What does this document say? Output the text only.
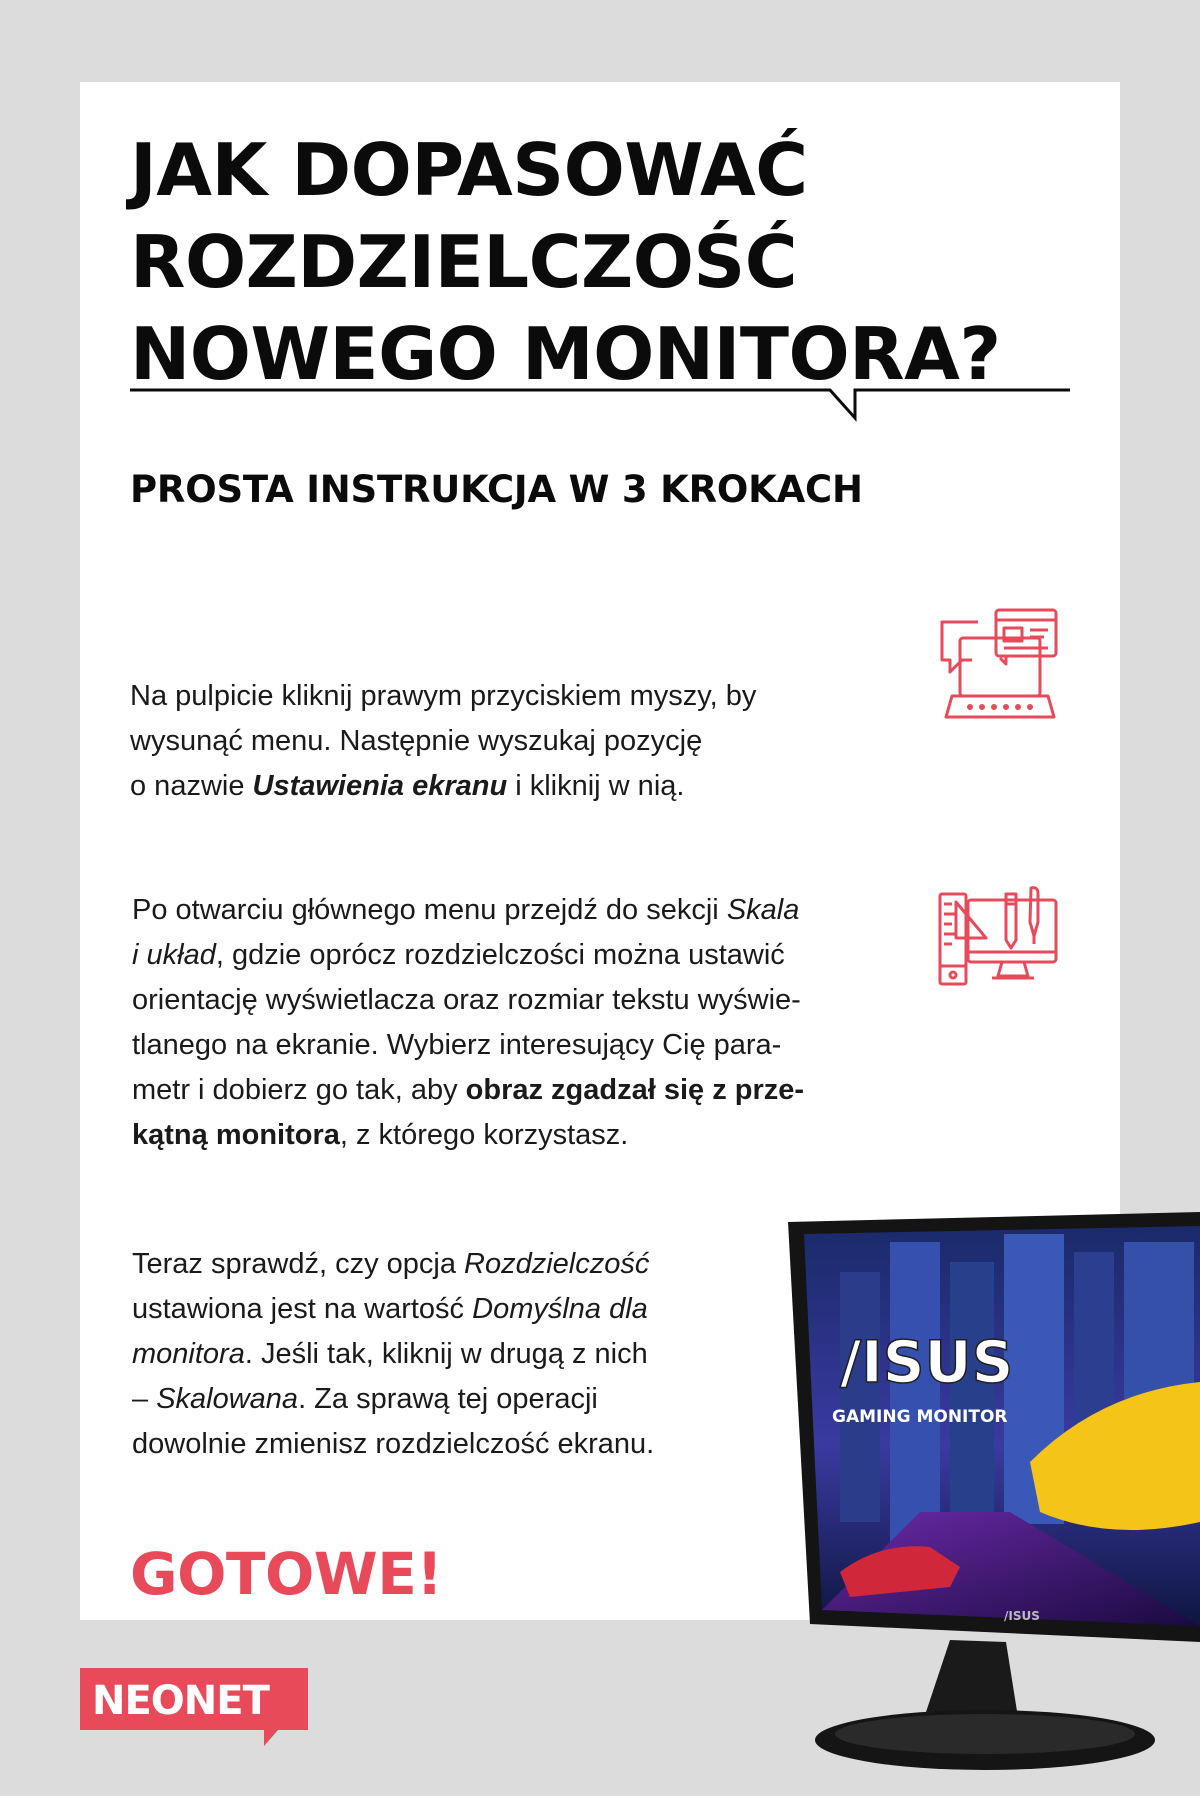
JAK DOPASOWAĆ
ROZDZIELCZOŚĆ
NOWEGO MONITORA?
PROSTA INSTRUKCJA W 3 KROKACH
Na pulpicie kliknij prawym przyciskiem myszy, by
wysunąć menu. Następnie wyszukaj pozycję
o nazwie Ustawienia ekranu i kliknij w nią.
Po otwarciu głównego menu przejdź do sekcji Skala
i układ, gdzie oprócz rozdzielczości można ustawić
orientację wyświetlacza oraz rozmiar tekstu wyświe-
tlanego na ekranie. Wybierz interesujący Cię para-
metr i dobierz go tak, aby obraz zgadzał się z prze-
kątną monitora, z którego korzystasz.
Teraz sprawdź, czy opcja Rozdzielczość
ustawiona jest na wartość Domyślna dla
monitora. Jeśli tak, kliknij w drugą z nich
– Skalowana. Za sprawą tej operacji
dowolnie zmienisz rozdzielczość ekranu.
GOTOWE!
/ISUS
GAMING MONITOR
/ISUS
NEONET
